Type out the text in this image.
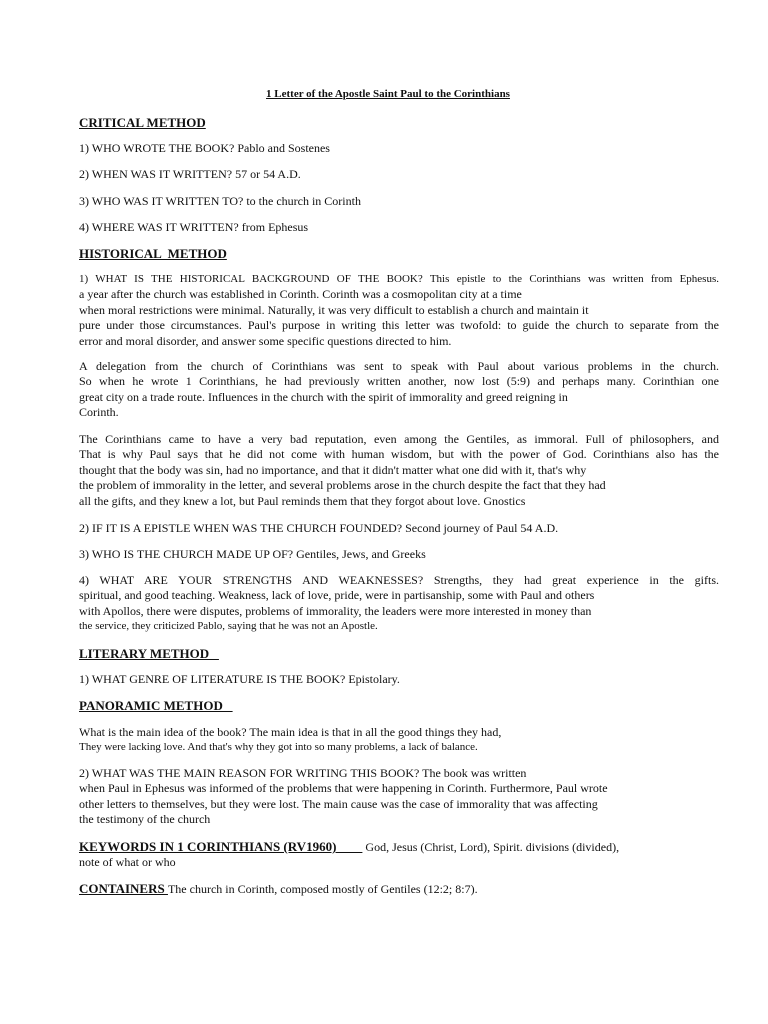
1 Letter of the Apostle Saint Paul to the Corinthians
CRITICAL METHOD
1) WHO WROTE THE BOOK? Pablo and Sostenes
2) WHEN WAS IT WRITTEN? 57 or 54 A.D.
3) WHO WAS IT WRITTEN TO? to the church in Corinth
4) WHERE WAS IT WRITTEN? from Ephesus
HISTORICAL  METHOD
1) WHAT IS THE HISTORICAL BACKGROUND OF THE BOOK? This epistle to the Corinthians was written from Ephesus.
a year after the church was established in Corinth. Corinth was a cosmopolitan city at a time
when moral restrictions were minimal. Naturally, it was very difficult to establish a church and maintain it
pure under those circumstances. Paul's purpose in writing this letter was twofold: to guide the church to separate from the
error and moral disorder, and answer some specific questions directed to him.
A delegation from the church of Corinthians was sent to speak with Paul about various problems in the church.
So when he wrote 1 Corinthians, he had previously written another, now lost (5:9) and perhaps many. Corinthian one
great city on a trade route. Influences in the church with the spirit of immorality and greed reigning in
Corinth.
The Corinthians came to have a very bad reputation, even among the Gentiles, as immoral. Full of philosophers, and
That is why Paul says that he did not come with human wisdom, but with the power of God. Corinthians also has the
thought that the body was sin, had no importance, and that it didn't matter what one did with it, that's why
the problem of immorality in the letter, and several problems arose in the church despite the fact that they had
all the gifts, and they knew a lot, but Paul reminds them that they forgot about love. Gnostics
2) IF IT IS A EPISTLE WHEN WAS THE CHURCH FOUNDED? Second journey of Paul 54 A.D.
3) WHO IS THE CHURCH MADE UP OF? Gentiles, Jews, and Greeks
4) WHAT ARE YOUR STRENGTHS AND WEAKNESSES? Strengths, they had great experience in the gifts.
spiritual, and good teaching. Weakness, lack of love, pride, were in partisanship, some with Paul and others
with Apollos, there were disputes, problems of immorality, the leaders were more interested in money than
the service, they criticized Pablo, saying that he was not an Apostle.
LITERARY METHOD
1) WHAT GENRE OF LITERATURE IS THE BOOK? Epistolary.
PANORAMIC METHOD
What is the main idea of the book? The main idea is that in all the good things they had,
They were lacking love. And that's why they got into so many problems, a lack of balance.
2) WHAT WAS THE MAIN REASON FOR WRITING THIS BOOK? The book was written
when Paul in Ephesus was informed of the problems that were happening in Corinth. Furthermore, Paul wrote
other letters to themselves, but they were lost. The main cause was the case of immorality that was affecting
the testimony of the church
KEYWORDS IN 1 CORINTHIANS (RV1960)         God, Jesus (Christ, Lord), Spirit. divisions (divided),
note of what or who
CONTAINERS The church in Corinth, composed mostly of Gentiles (12:2; 8:7).
